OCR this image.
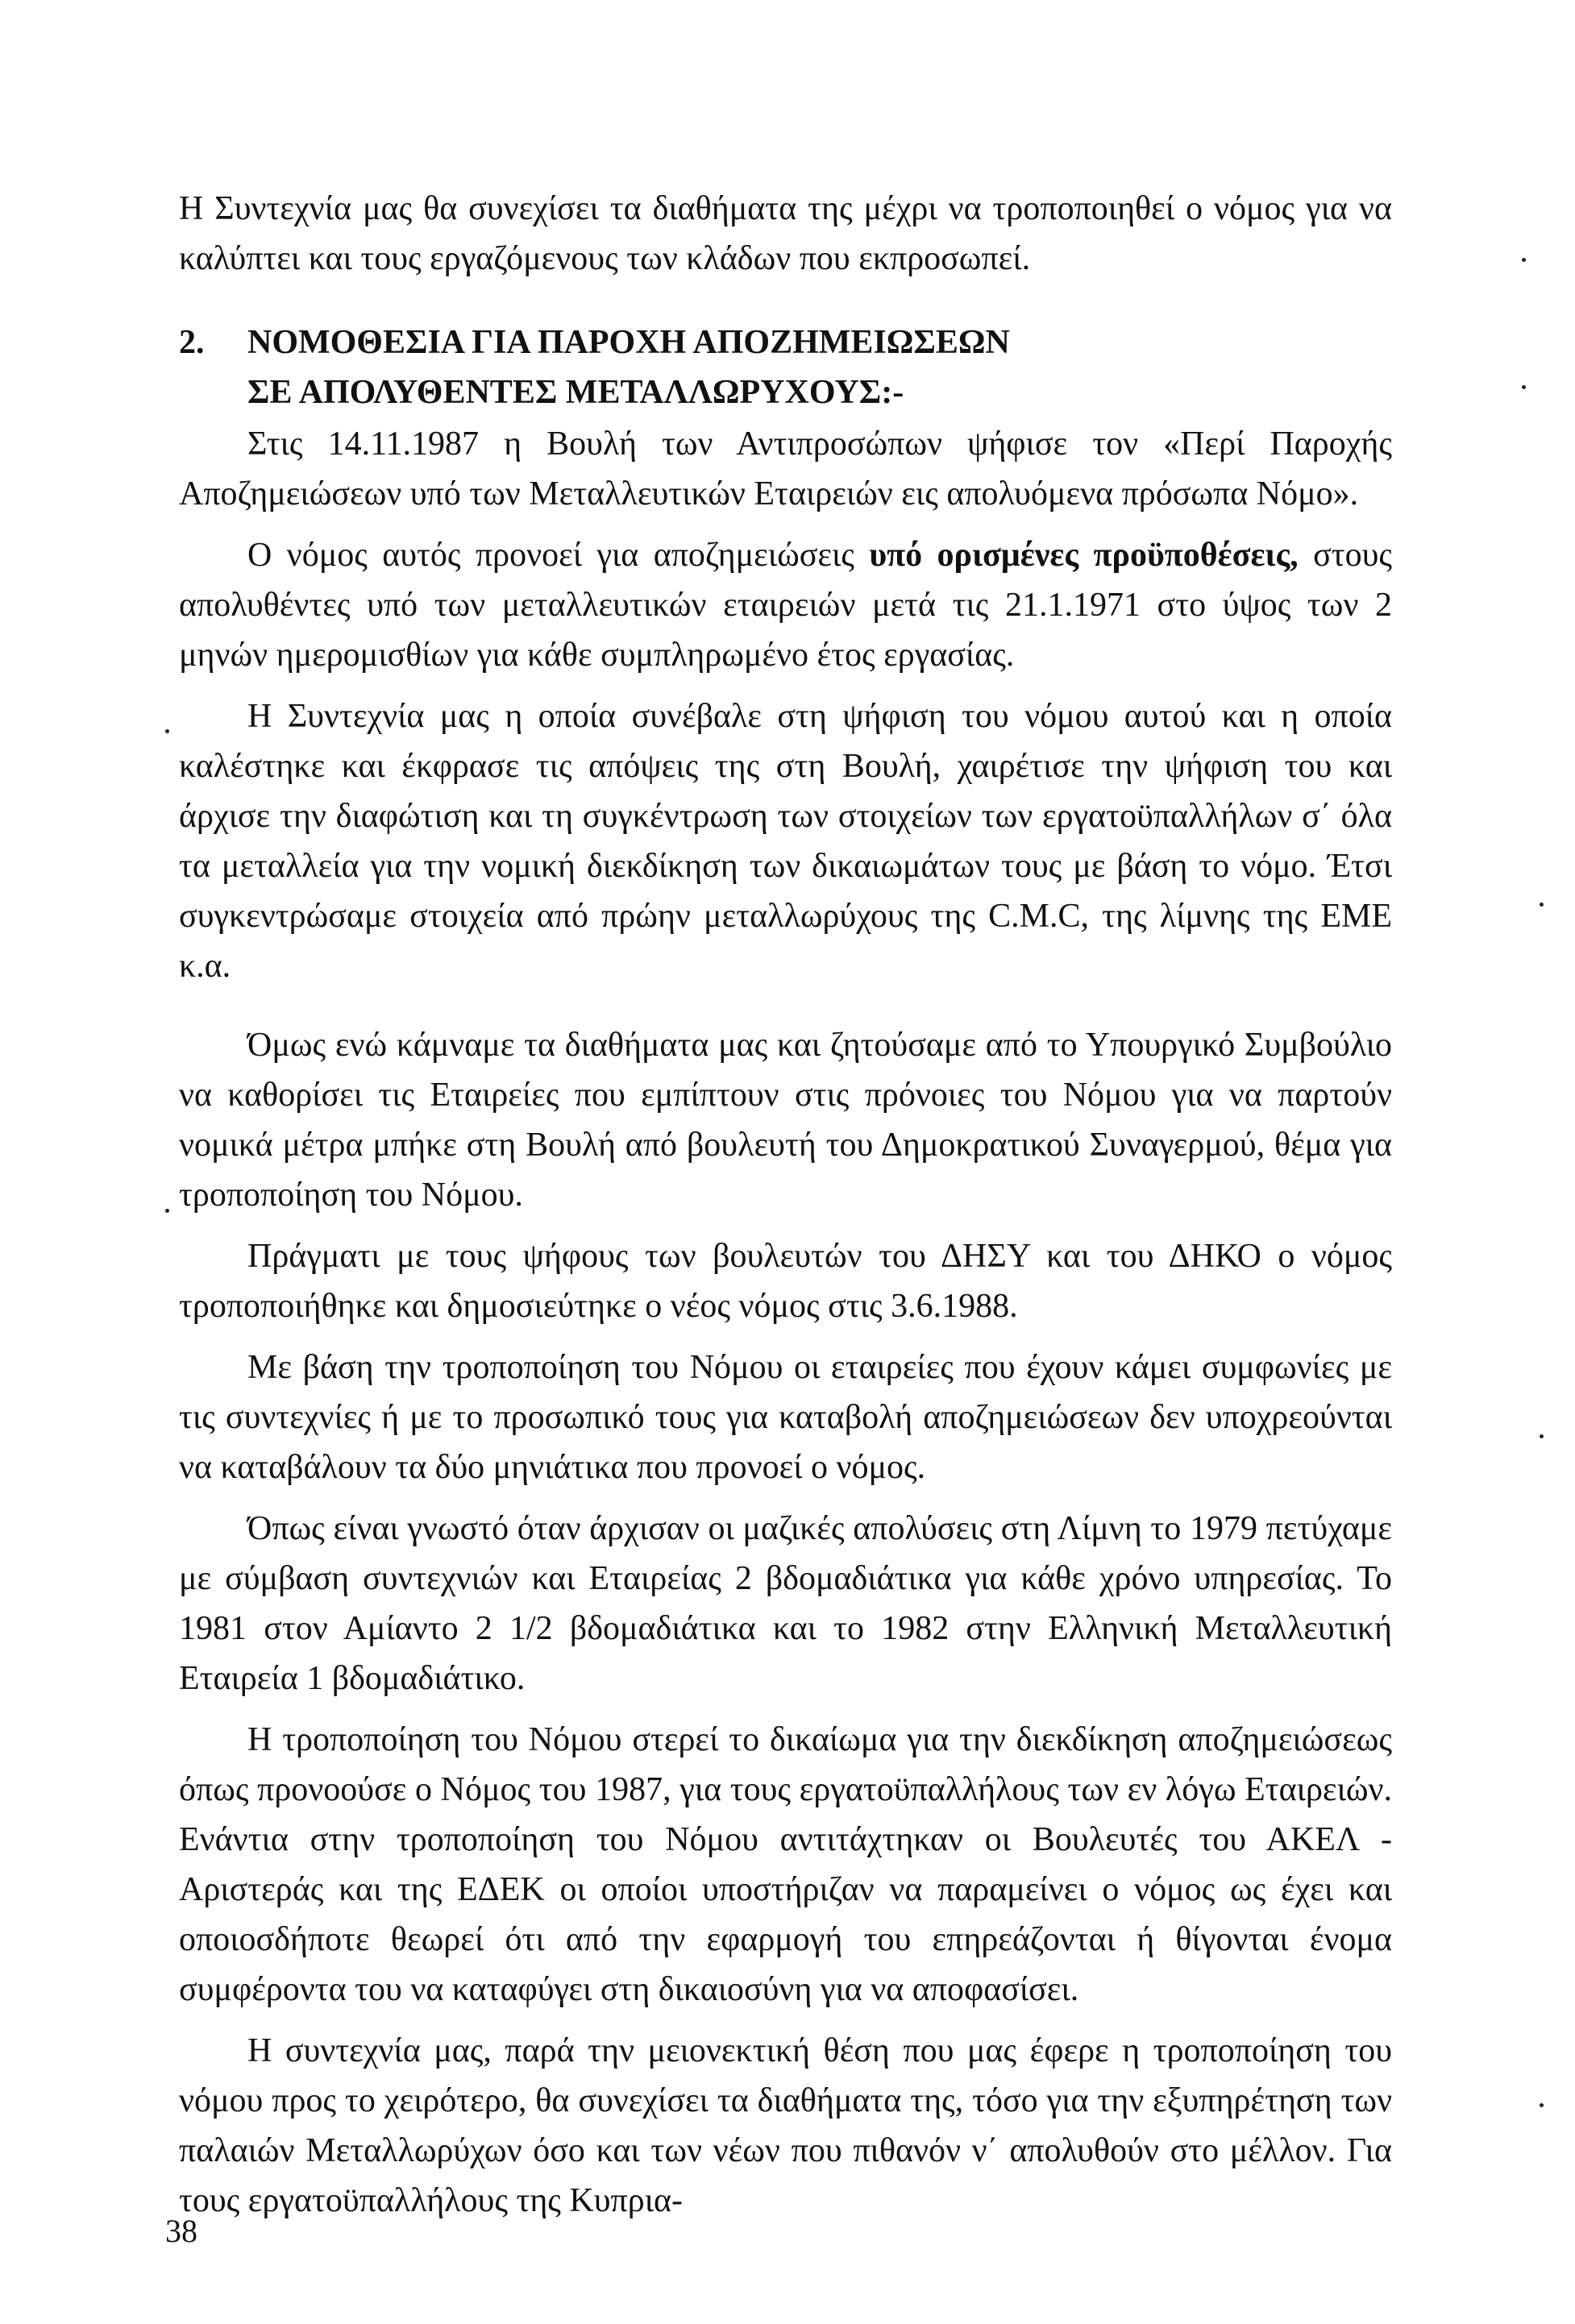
Η Συντεχνία μας θα συνεχίσει τα διαθήματα της μέχρι να τροποποιηθεί ο νόμος για να καλύπτει και τους εργαζόμενους των κλάδων που εκπροσωπεί.

2. ΝΟΜΟΘΕΣΙΑ ΓΙΑ ΠΑΡΟΧΗ ΑΠΟΖΗΜΕΙΩΣΕΩΝ
ΣΕ ΑΠΟΛΥΘΕΝΤΕΣ ΜΕΤΑΛΛΩΡΥΧΟΥΣ:-

Στις 14.11.1987 η Βουλή των Αντιπροσώπων ψήφισε τον «Περί Παροχής Αποζημειώσεων υπό των Μεταλλευτικών Εταιρειών εις απολυόμενα πρόσωπα Νόμο».

Ο νόμος αυτός προνοεί για αποζημειώσεις υπό ορισμένες προϋποθέσεις, στους απολυθέντες υπό των μεταλλευτικών εταιρειών μετά τις 21.1.1971 στο ύψος των 2 μηνών ημερομισθίων για κάθε συμπληρωμένο έτος εργασίας.

Η Συντεχνία μας η οποία συνέβαλε στη ψήφιση του νόμου αυτού και η οποία καλέστηκε και έκφρασε τις απόψεις της στη Βουλή, χαιρέτισε την ψήφιση του και άρχισε την διαφώτιση και τη συγκέντρωση των στοιχείων των εργατοϋπαλλήλων σ΄ όλα τα μεταλλεία για την νομική διεκδίκηση των δικαιωμάτων τους με βάση το νόμο. Έτσι συγκεντρώσαμε στοιχεία από πρώην μεταλλωρύχους της C.M.C, της λίμνης της ΕΜΕ κ.α.

Όμως ενώ κάμναμε τα διαθήματα μας και ζητούσαμε από το Υπουργικό Συμβούλιο να καθορίσει τις Εταιρείες που εμπίπτουν στις πρόνοιες του Νόμου για να παρτούν νομικά μέτρα μπήκε στη Βουλή από βουλευτή του Δημοκρατικού Συναγερμού, θέμα για τροποποίηση του Νόμου.

Πράγματι με τους ψήφους των βουλευτών του ΔΗΣΥ και του ΔΗΚΟ ο νόμος τροποποιήθηκε και δημοσιεύτηκε ο νέος νόμος στις 3.6.1988.

Με βάση την τροποποίηση του Νόμου οι εταιρείες που έχουν κάμει συμφωνίες με τις συντεχνίες ή με το προσωπικό τους για καταβολή αποζημειώσεων δεν υποχρεούνται να καταβάλουν τα δύο μηνιάτικα που προνοεί ο νόμος.

Όπως είναι γνωστό όταν άρχισαν οι μαζικές απολύσεις στη Λίμνη το 1979 πετύχαμε με σύμβαση συντεχνιών και Εταιρείας 2 βδομαδιάτικα για κάθε χρόνο υπηρεσίας. Το 1981 στον Αμίαντο 2 1/2 βδομαδιάτικα και το 1982 στην Ελληνική Μεταλλευτική Εταιρεία 1 βδομαδιάτικο.

Η τροποποίηση του Νόμου στερεί το δικαίωμα για την διεκδίκηση αποζημειώσεως όπως προνοούσε ο Νόμος του 1987, για τους εργατοϋπαλλήλους των εν λόγω Εταιρειών. Ενάντια στην τροποποίηση του Νόμου αντιτάχτηκαν οι Βουλευτές του ΑΚΕΛ - Αριστεράς και της ΕΔΕΚ οι οποίοι υποστήριζαν να παραμείνει ο νόμος ως έχει και οποιοσδήποτε θεωρεί ότι από την εφαρμογή του επηρεάζονται ή θίγονται ένομα συμφέροντα του να καταφύγει στη δικαιοσύνη για να αποφασίσει.

Η συντεχνία μας, παρά την μειονεκτική θέση που μας έφερε η τροποποίηση του νόμου προς το χειρότερο, θα συνεχίσει τα διαθήματα της, τόσο για την εξυπηρέτηση των παλαιών Μεταλλωρύχων όσο και των νέων που πιθανόν ν΄ απολυθούν στο μέλλον. Για τους εργατοϋπαλλήλους της Κυπρια-

38
